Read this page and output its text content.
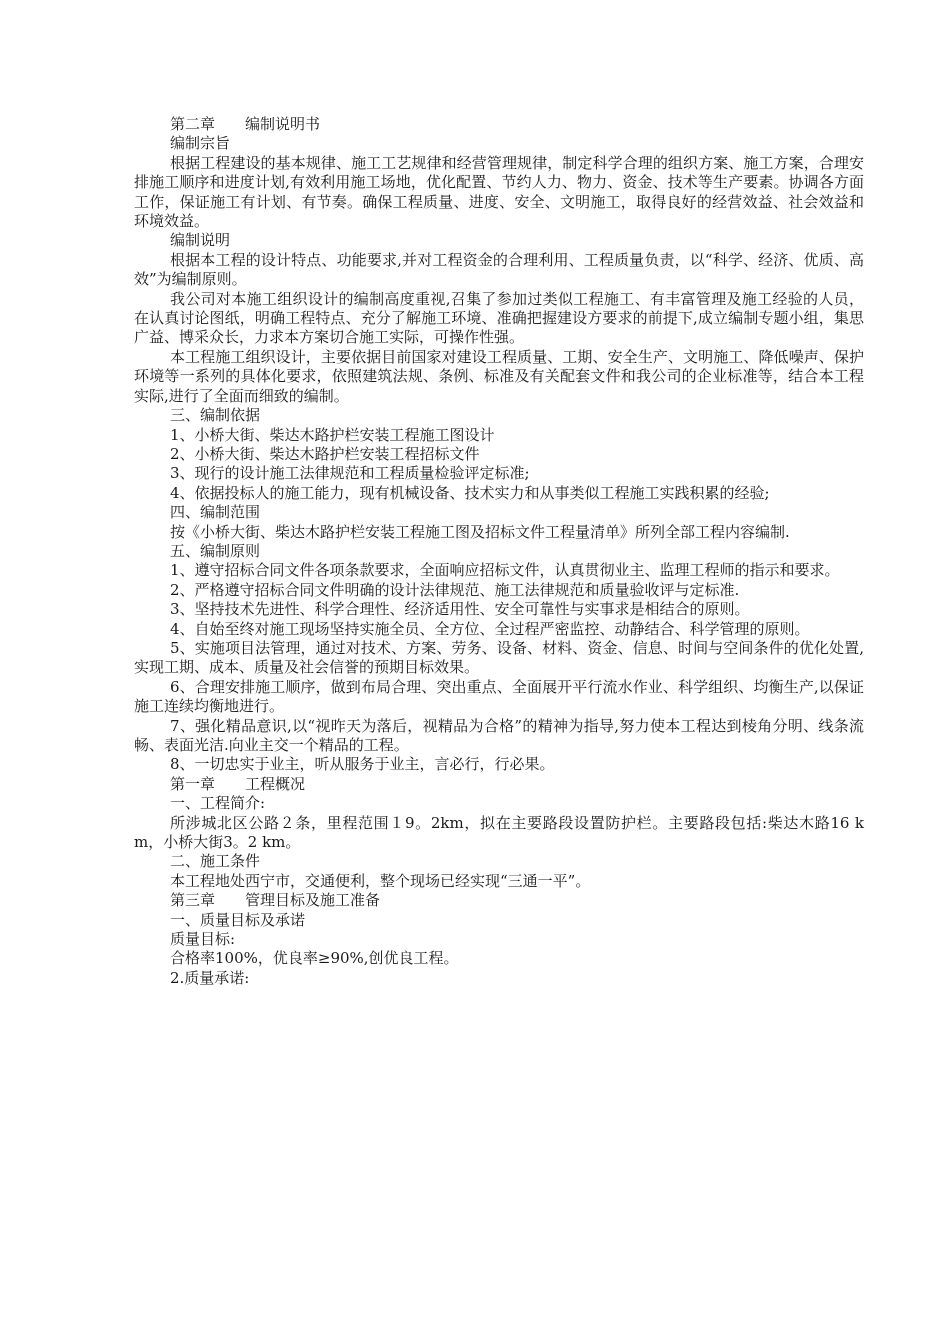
第二章　　编制说明书

编制宗旨

根据工程建设的基本规律、施工工艺规律和经营管理规律，制定科学合理的组织方案、施工方案，合理安排施工顺序和进度计划,有效利用施工场地，优化配置、节约人力、物力、资金、技术等生产要素。协调各方面工作，保证施工有计划、有节奏。确保工程质量、进度、安全、文明施工，取得良好的经营效益、社会效益和环境效益。

编制说明

根据本工程的设计特点、功能要求,并对工程资金的合理利用、工程质量负责，以“科学、经济、优质、高效”为编制原则。

我公司对本施工组织设计的编制高度重视,召集了参加过类似工程施工、有丰富管理及施工经验的人员，在认真讨论图纸，明确工程特点、充分了解施工环境、准确把握建设方要求的前提下,成立编制专题小组，集思广益、博采众长，力求本方案切合施工实际，可操作性强。

本工程施工组织设计，主要依据目前国家对建设工程质量、工期、安全生产、文明施工、降低噪声、保护环境等一系列的具体化要求，依照建筑法规、条例、标准及有关配套文件和我公司的企业标准等，结合本工程实际,进行了全面而细致的编制。

三、编制依据

1、小桥大街、柴达木路护栏安装工程施工图设计

2、小桥大街、柴达木路护栏安装工程招标文件

3、现行的设计施工法律规范和工程质量检验评定标准;

4、依据投标人的施工能力，现有机械设备、技术实力和从事类似工程施工实践积累的经验;

四、编制范围

按《小桥大街、柴达木路护栏安装工程施工图及招标文件工程量清单》所列全部工程内容编制.

五、编制原则

1、遵守招标合同文件各项条款要求，全面响应招标文件，认真贯彻业主、监理工程师的指示和要求。

2、严格遵守招标合同文件明确的设计法律规范、施工法律规范和质量验收评与定标准.

3、坚持技术先进性、科学合理性、经济适用性、安全可靠性与实事求是相结合的原则。

4、自始至终对施工现场坚持实施全员、全方位、全过程严密监控、动静结合、科学管理的原则。

5、实施项目法管理，通过对技术、方案、劳务、设备、材料、资金、信息、时间与空间条件的优化处置,实现工期、成本、质量及社会信誉的预期目标效果。

6、合理安排施工顺序，做到布局合理、突出重点、全面展开平行流水作业、科学组织、均衡生产,以保证施工连续均衡地进行。

7、强化精品意识,以“视昨天为落后，视精品为合格”的精神为指导,努力使本工程达到棱角分明、线条流畅、表面光洁.向业主交一个精品的工程。

8、一切忠实于业主，听从服务于业主，言必行，行必果。

第一章　　工程概况

一、工程简介:

所涉城北区公路２条，里程范围１9。2km，拟在主要路段设置防护栏。主要路段包括:柴达木路16 km，小桥大街3。2 km。

二、施工条件

本工程地处西宁市，交通便利，整个现场已经实现“三通一平”。

第三章　　管理目标及施工准备

一、质量目标及承诺

质量目标:

合格率100%，优良率≥90%,创优良工程。

2.质量承诺:
